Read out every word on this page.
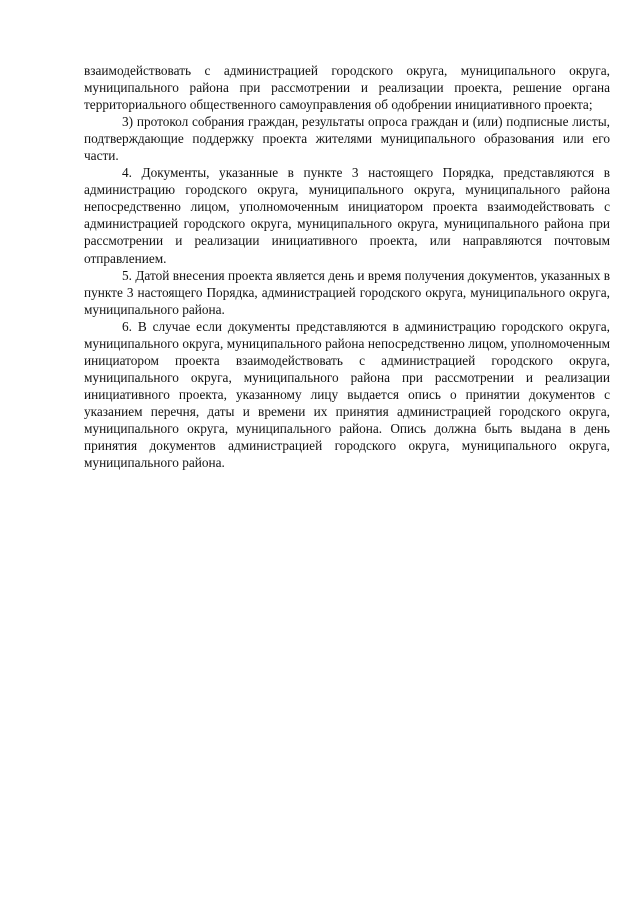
взаимодействовать с администрацией городского округа, муниципального округа, муниципального района при рассмотрении и реализации проекта, решение органа территориального общественного самоуправления об одобрении инициативного проекта;

3) протокол собрания граждан, результаты опроса граждан и (или) подписные листы, подтверждающие поддержку проекта жителями муниципального образования или его части.

4. Документы, указанные в пункте 3 настоящего Порядка, представляются в администрацию городского округа, муниципального округа, муниципального района непосредственно лицом, уполномоченным инициатором проекта взаимодействовать с администрацией городского округа, муниципального округа, муниципального района при рассмотрении и реализации инициативного проекта, или направляются почтовым отправлением.

5. Датой внесения проекта является день и время получения документов, указанных в пункте 3 настоящего Порядка, администрацией городского округа, муниципального округа, муниципального района.

6. В случае если документы представляются в администрацию городского округа, муниципального округа, муниципального района непосредственно лицом, уполномоченным инициатором проекта взаимодействовать с администрацией городского округа, муниципального округа, муниципального района при рассмотрении и реализации инициативного проекта, указанному лицу выдается опись о принятии документов с указанием перечня, даты и времени их принятия администрацией городского округа, муниципального округа, муниципального района. Опись должна быть выдана в день принятия документов администрацией городского округа, муниципального округа, муниципального района.
